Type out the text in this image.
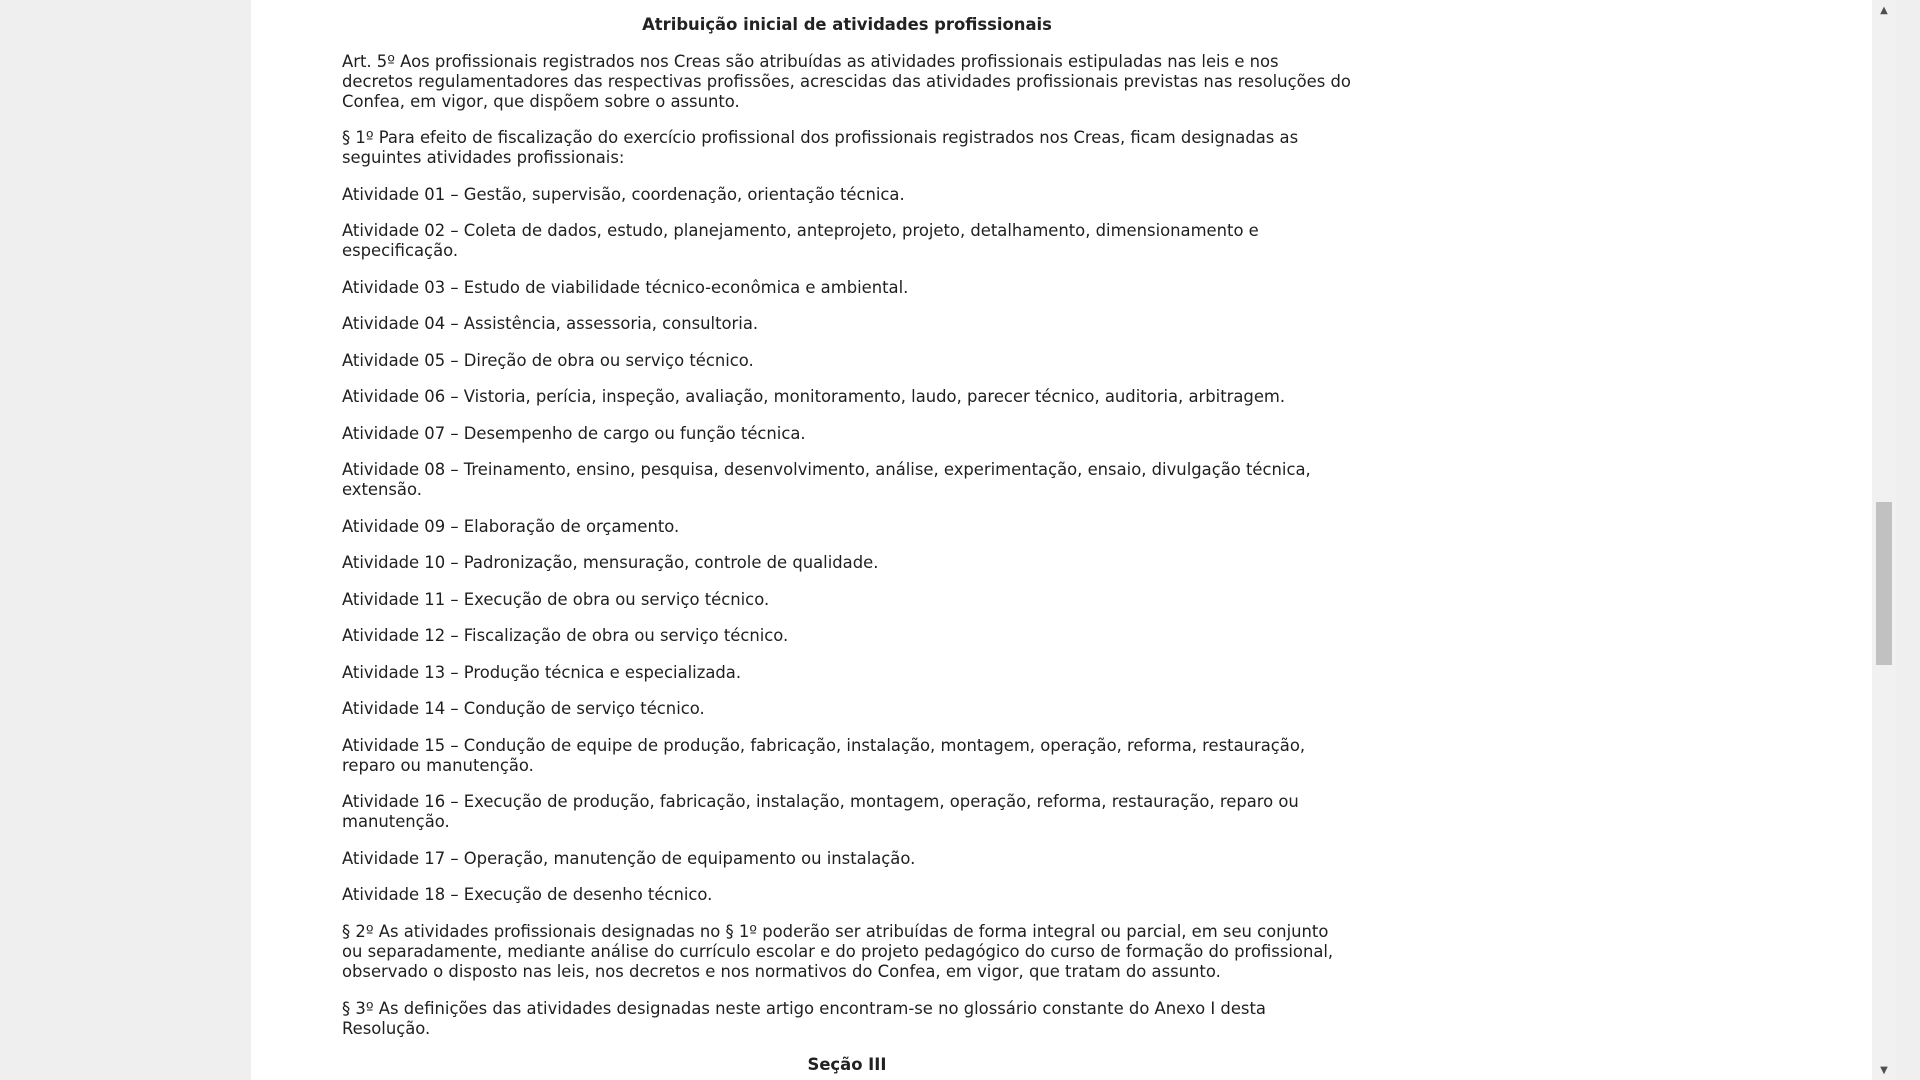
Atribuição inicial de atividades profissionais

Art. 5º Aos profissionais registrados nos Creas são atribuídas as atividades profissionais estipuladas nas leis e nos decretos regulamentadores das respectivas profissões, acrescidas das atividades profissionais previstas nas resoluções do Confea, em vigor, que dispõem sobre o assunto.

§ 1º Para efeito de fiscalização do exercício profissional dos profissionais registrados nos Creas, ficam designadas as seguintes atividades profissionais:

Atividade 01 – Gestão, supervisão, coordenação, orientação técnica.

Atividade 02 – Coleta de dados, estudo, planejamento, anteprojeto, projeto, detalhamento, dimensionamento e especificação.

Atividade 03 – Estudo de viabilidade técnico-econômica e ambiental.

Atividade 04 – Assistência, assessoria, consultoria.

Atividade 05 – Direção de obra ou serviço técnico.

Atividade 06 – Vistoria, perícia, inspeção, avaliação, monitoramento, laudo, parecer técnico, auditoria, arbitragem.

Atividade 07 – Desempenho de cargo ou função técnica.

Atividade 08 – Treinamento, ensino, pesquisa, desenvolvimento, análise, experimentação, ensaio, divulgação técnica, extensão.

Atividade 09 – Elaboração de orçamento.

Atividade 10 – Padronização, mensuração, controle de qualidade.

Atividade 11 – Execução de obra ou serviço técnico.

Atividade 12 – Fiscalização de obra ou serviço técnico.

Atividade 13 – Produção técnica e especializada.

Atividade 14 – Condução de serviço técnico.

Atividade 15 – Condução de equipe de produção, fabricação, instalação, montagem, operação, reforma, restauração, reparo ou manutenção.

Atividade 16 – Execução de produção, fabricação, instalação, montagem, operação, reforma, restauração, reparo ou manutenção.

Atividade 17 – Operação, manutenção de equipamento ou instalação.

Atividade 18 – Execução de desenho técnico.

§ 2º As atividades profissionais designadas no § 1º poderão ser atribuídas de forma integral ou parcial, em seu conjunto ou separadamente, mediante análise do currículo escolar e do projeto pedagógico do curso de formação do profissional, observado o disposto nas leis, nos decretos e nos normativos do Confea, em vigor, que tratam do assunto.

§ 3º As definições das atividades designadas neste artigo encontram-se no glossário constante do Anexo I desta Resolução.

Seção III
▲
▼
